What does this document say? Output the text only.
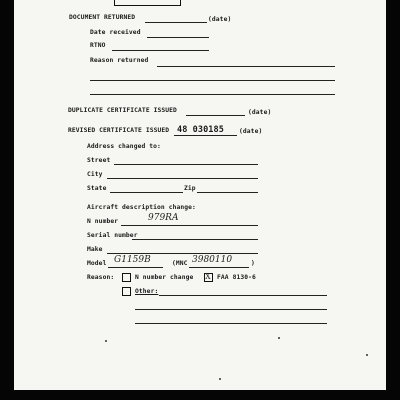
DOCUMENT RETURNED	(date)
Date received
RTNO
Reason returned
DUPLICATE CERTIFICATE ISSUED	(date)
REVISED CERTIFICATE ISSUED 48 030185 (date)
Address changed to:
Street
City
State	Zip
Aircraft description change:
N number	979RA
Serial number
Make
Model G1159B	(MNC 3980110	)
Reason:	N number change X FAA 8130-6
Other:
